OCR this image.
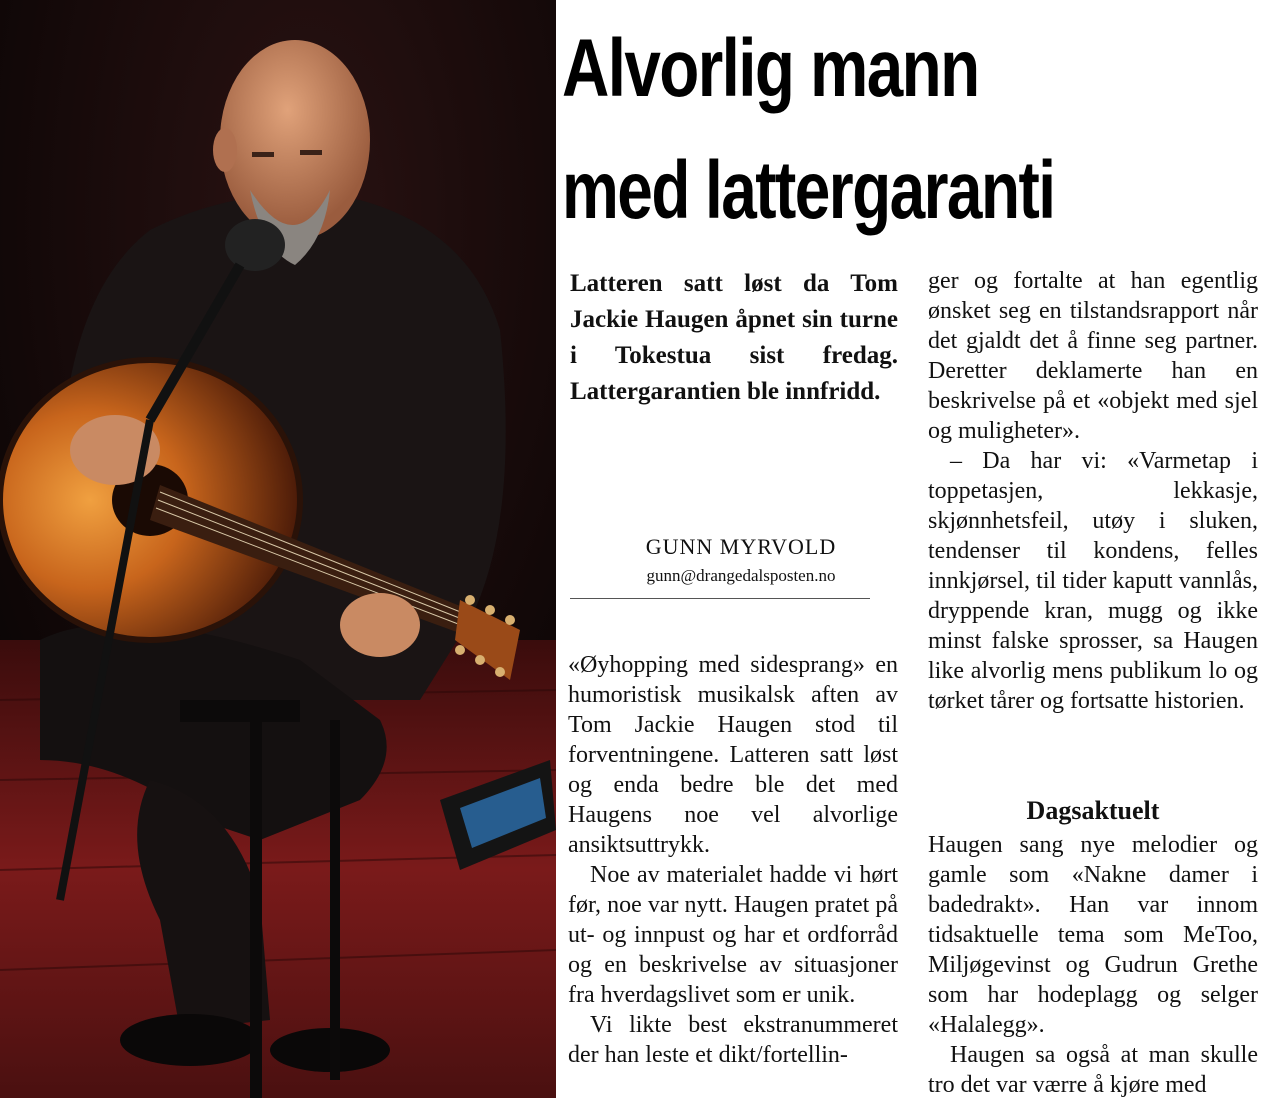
Alvorlig mann
med lattergaranti
Latteren satt løst da Tom Jackie Haugen åpnet sin turne i Tokestua sist fredag. Lattergarantien ble innfridd.
GUNN MYRVOLD
gunn@drangedalsposten.no

«Øyhopping med sidesprang» en humoristisk musikalsk aften av Tom Jackie Haugen stod til forventningene. Latteren satt løst og enda bedre ble det med Haugens noe vel alvorlige ansiktsuttrykk.

Noe av materialet hadde vi hørt før, noe var nytt. Haugen pratet på ut- og innpust og har et ordforråd og en beskrivelse av situasjoner fra hverdagslivet som er unik.

Vi likte best ekstranummeret der han leste et dikt/fortellin-

ger og fortalte at han egentlig ønsket seg en tilstandsrapport når det gjaldt det å finne seg partner. Deretter deklamerte han en beskrivelse på et «objekt med sjel og muligheter».

– Da har vi: «Varmetap i toppetasjen, lekkasje, skjønnhetsfeil, utøy i sluken, tendenser til kondens, felles innkjørsel, til tider kaputt vannlås, dryppende kran, mugg og ikke minst falske sprosser, sa Haugen like alvorlig mens publikum lo og tørket tårer og fortsatte historien.

Dagsaktuelt

Haugen sang nye melodier og gamle som «Nakne damer i badedrakt». Han var innom tidsaktuelle tema som MeToo, Miljøgevinst og Gudrun Grethe som har hodeplagg og selger «Halalegg».

Haugen sa også at man skulle tro det var værre å kjøre med
